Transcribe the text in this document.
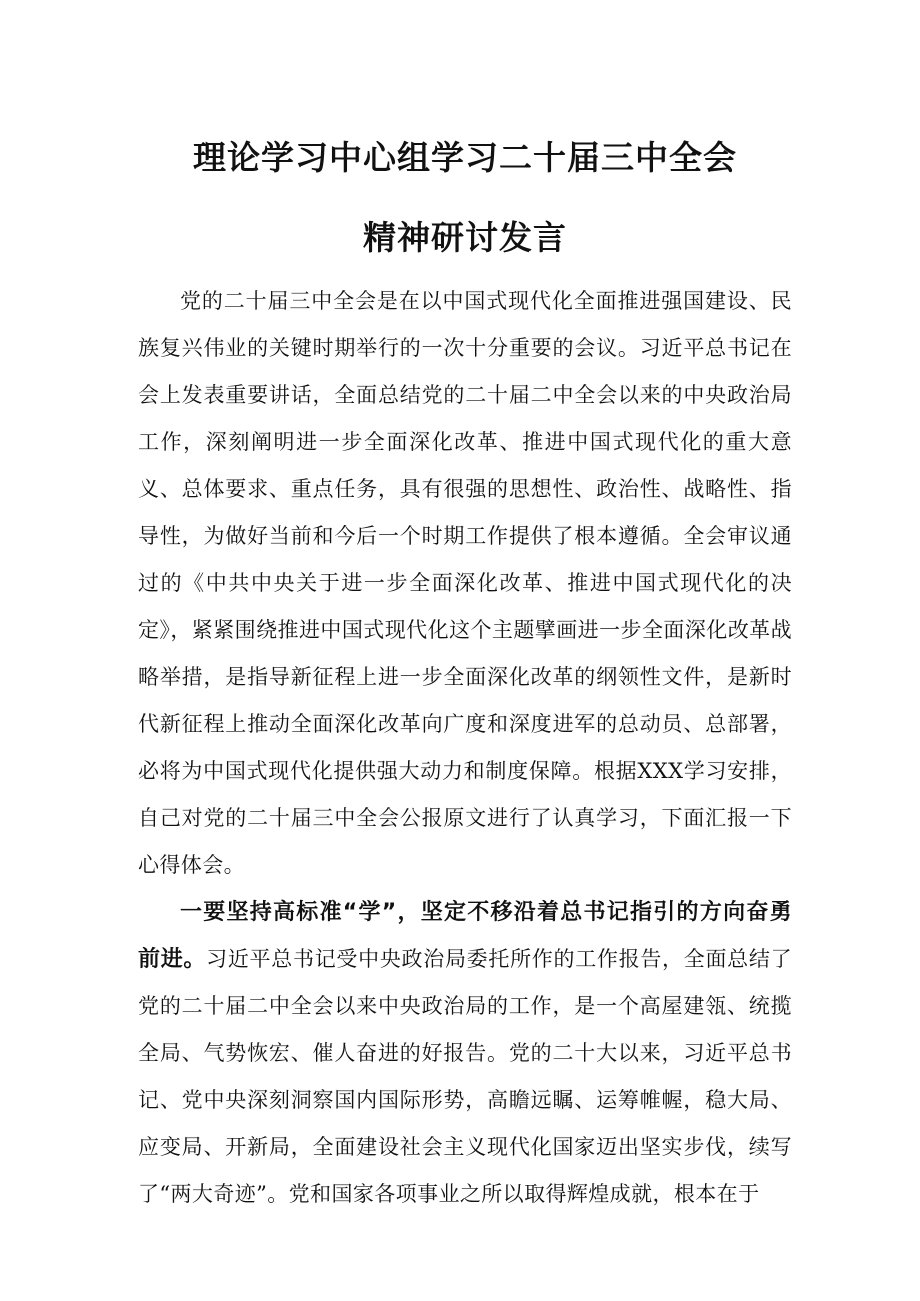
理论学习中心组学习二十届三中全会
精神研讨发言

党的二十届三中全会是在以中国式现代化全面推进强国建设、民族复兴伟业的关键时期举行的一次十分重要的会议。习近平总书记在会上发表重要讲话，全面总结党的二十届二中全会以来的中央政治局工作，深刻阐明进一步全面深化改革、推进中国式现代化的重大意义、总体要求、重点任务，具有很强的思想性、政治性、战略性、指导性，为做好当前和今后一个时期工作提供了根本遵循。全会审议通过的《中共中央关于进一步全面深化改革、推进中国式现代化的决定》，紧紧围绕推进中国式现代化这个主题擘画进一步全面深化改革战略举措，是指导新征程上进一步全面深化改革的纲领性文件，是新时代新征程上推动全面深化改革向广度和深度进军的总动员、总部署，必将为中国式现代化提供强大动力和制度保障。根据XXX学习安排，自己对党的二十届三中全会公报原文进行了认真学习，下面汇报一下心得体会。

一要坚持高标准“学”，坚定不移沿着总书记指引的方向奋勇前进。习近平总书记受中央政治局委托所作的工作报告，全面总结了党的二十届二中全会以来中央政治局的工作，是一个高屋建瓴、统揽全局、气势恢宏、催人奋进的好报告。党的二十大以来，习近平总书记、党中央深刻洞察国内国际形势，高瞻远瞩、运筹帷幄，稳大局、应变局、开新局，全面建设社会主义现代化国家迈出坚实步伐，续写了“两大奇迹”。党和国家各项事业之所以取得辉煌成就，根本在于
